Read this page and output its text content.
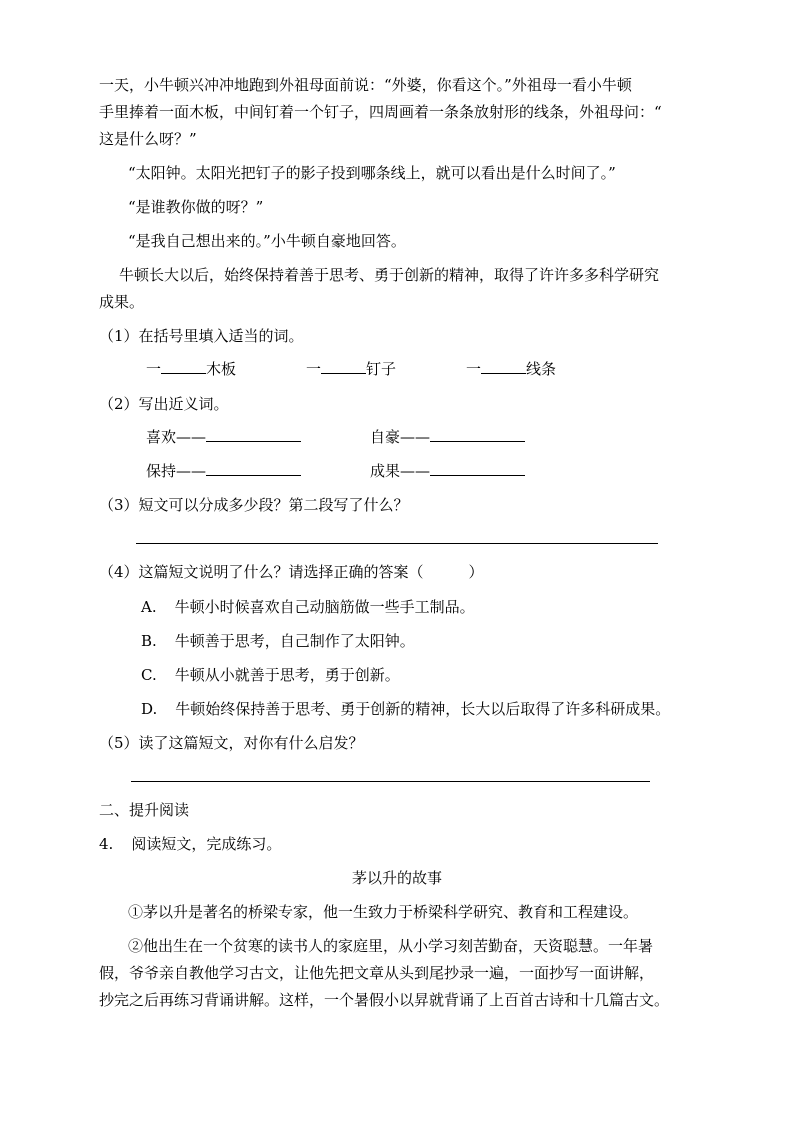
一天，小牛顿兴冲冲地跑到外祖母面前说：“外婆，你看这个。”外祖母一看小牛顿
手里捧着一面木板，中间钉着一个钉子，四周画着一条条放射形的线条，外祖母问：“
这是什么呀？”
“太阳钟。太阳光把钉子的影子投到哪条线上，就可以看出是什么时间了。”
“是谁教你做的呀？”
“是我自己想出来的。”小牛顿自豪地回答。
牛顿长大以后，始终保持着善于思考、勇于创新的精神，取得了许许多多科学研究
成果。
（1）在括号里填入适当的词。
一	木板	一	钉子	一	线条
（2）写出近义词。
喜欢——	自豪——
保持——	成果——
（3）短文可以分成多少段？第二段写了什么？
（4）这篇短文说明了什么？请选择正确的答案（　　　）
A. 牛顿小时候喜欢自己动脑筋做一些手工制品。
B. 牛顿善于思考，自己制作了太阳钟。
C. 牛顿从小就善于思考，勇于创新。
D. 牛顿始终保持善于思考、勇于创新的精神，长大以后取得了许多科研成果。
（5）读了这篇短文，对你有什么启发？
二、提升阅读
4. 阅读短文，完成练习。
茅以升的故事
①茅以升是著名的桥梁专家，他一生致力于桥梁科学研究、教育和工程建设。
②他出生在一个贫寒的读书人的家庭里，从小学习刻苦勤奋，天资聪慧。一年暑
假，爷爷亲自教他学习古文，让他先把文章从头到尾抄录一遍，一面抄写一面讲解，
抄完之后再练习背诵讲解。这样，一个暑假小以昇就背诵了上百首古诗和十几篇古文。
